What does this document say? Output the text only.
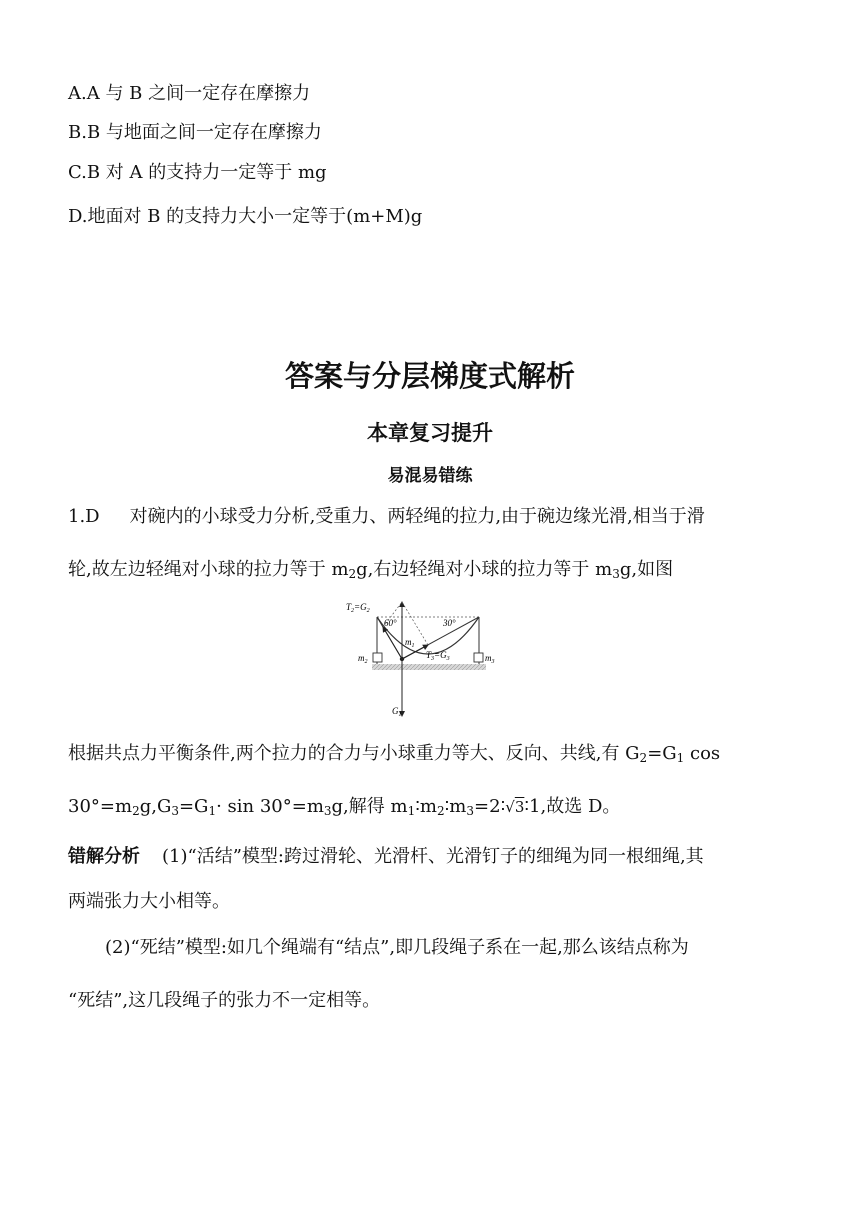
A.A 与 B 之间一定存在摩擦力
B.B 与地面之间一定存在摩擦力
C.B 对 A 的支持力一定等于 mg
D.地面对 B 的支持力大小一定等于(m+M)g
答案与分层梯度式解析
本章复习提升
易混易错练
1.D 对碗内的小球受力分析,受重力、两轻绳的拉力,由于碗边缘光滑,相当于滑
轮,故左边轻绳对小球的拉力等于 $m_2g$,右边轻绳对小球的拉力等于 $m_3g$,如图
$T_2=G_2$
60°	30°
$m_1$
$T_3=G_3$
$m_2$	$m_3$
$G_1$
根据共点力平衡条件,两个拉力的合力与小球重力等大、反向、共线,有 $G_2=G_1$ cos
$30^\circ=m_2g,G_3=G_1\cdot \sin 30^\circ=m_3g$,解得 $m_1∶m_2∶m_3=2∶√3∶1$,故选 D。
错解分析 (1)“活结”模型:跨过滑轮、光滑杆、光滑钉子的细绳为同一根细绳,其
两端张力大小相等。
(2)“死结”模型:如几个绳端有“结点”,即几段绳子系在一起,那么该结点称为
“死结”,这几段绳子的张力不一定相等。
